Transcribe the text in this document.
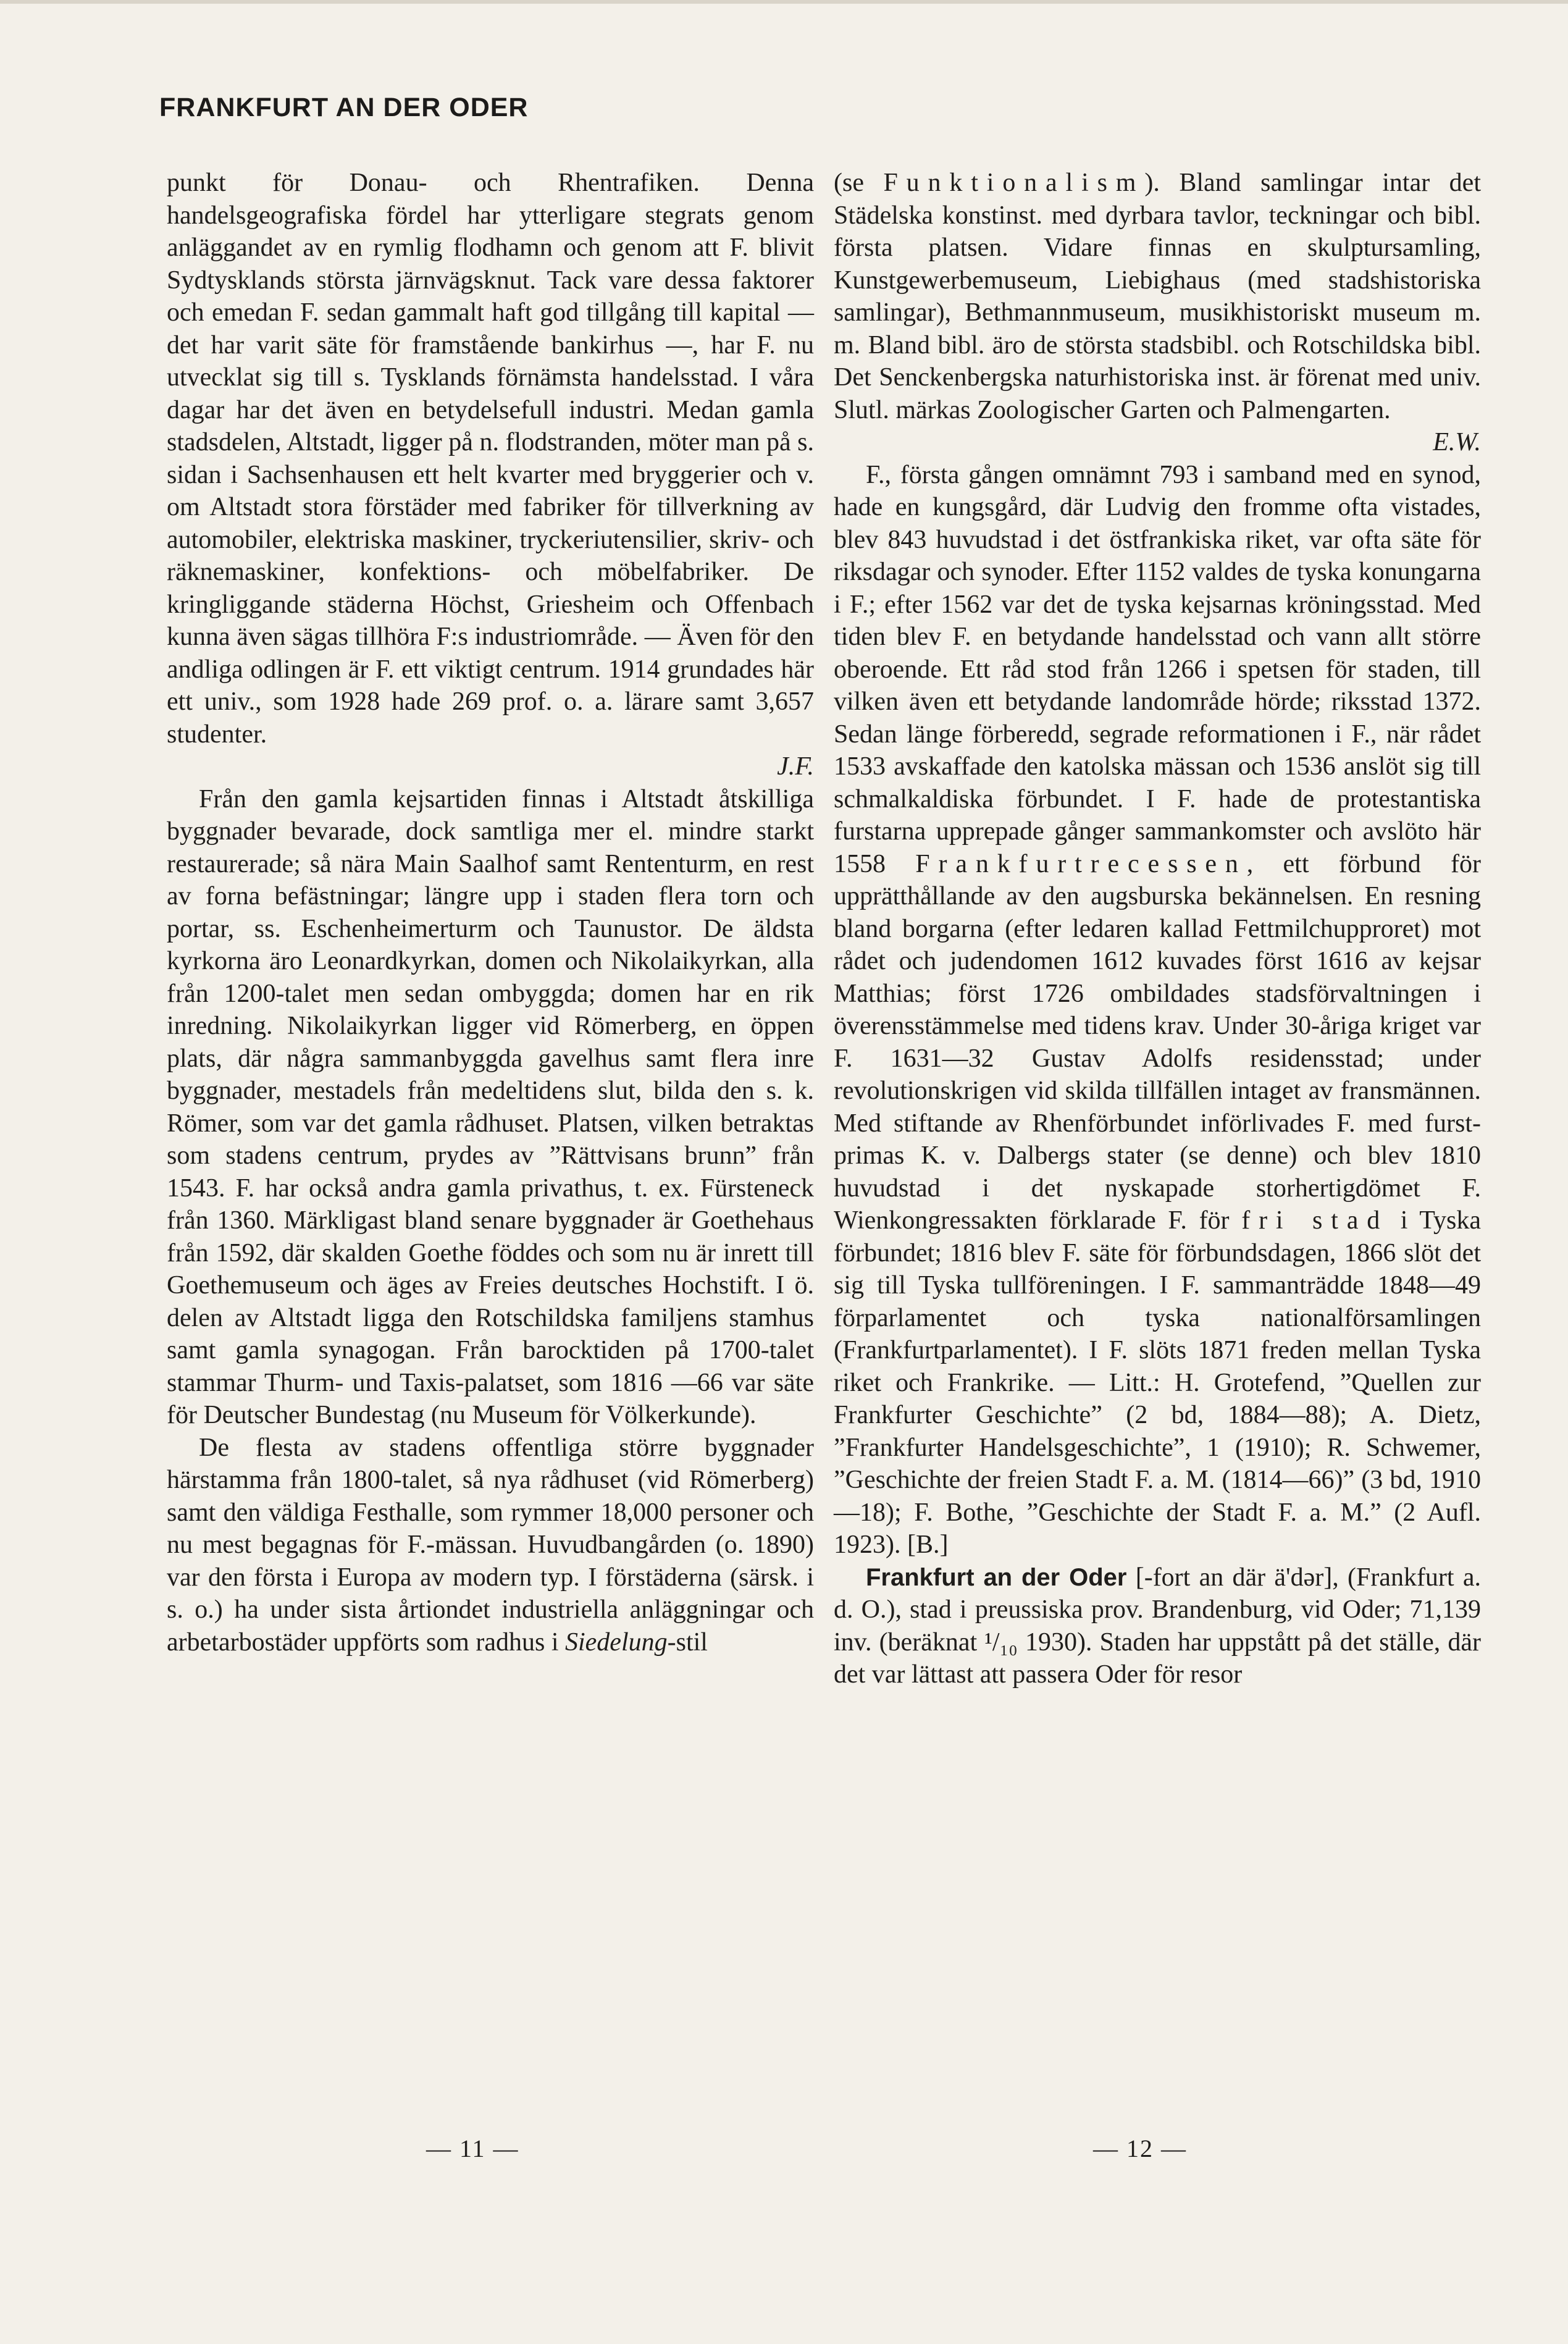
FRANKFURT AN DER ODER

punkt för Donau- och Rhentrafiken. Denna handelsgeografiska fördel har ytterligare stegrats genom anläggandet av en rymlig flodhamn och genom att F. blivit Sydtysklands största järnvägsknut. Tack vare dessa faktorer och emedan F. sedan gammalt haft god tillgång till kapital — det har varit säte för framstående bankirhus —, har F. nu utvecklat sig till s. Tysklands förnämsta handelsstad. I våra dagar har det även en betydelsefull industri. Medan gamla stadsdelen, Altstadt, ligger på n. flodstranden, möter man på s. sidan i Sachsenhausen ett helt kvarter med bryggerier och v. om Altstadt stora förstäder med fabriker för tillverkning av automobiler, elektriska maskiner, tryckeriutensilier, skriv- och räknemaskiner, konfektions- och möbelfabriker. De kringliggande städerna Höchst, Griesheim och Offenbach kunna även sägas tillhöra F:s industriområde. — Även för den andliga odlingen är F. ett viktigt centrum. 1914 grundades här ett univ., som 1928 hade 269 prof. o. a. lärare samt 3,657 studenter.
J.F.

Från den gamla kejsartiden finnas i Altstadt åtskilliga byggnader bevarade, dock samtliga mer el. mindre starkt restaurerade; så nära Main Saalhof samt Rententurm, en rest av forna befästningar; längre upp i staden flera torn och portar, ss. Eschenheimerturm och Taunustor. De äldsta kyrkorna äro Leonardkyrkan, domen och Nikolaikyrkan, alla från 1200-talet men sedan ombyggda; domen har en rik inredning. Nikolaikyrkan ligger vid Römerberg, en öppen plats, där några sammanbyggda gavelhus samt flera inre byggnader, mestadels från medeltidens slut, bilda den s. k. Römer, som var det gamla rådhuset. Platsen, vilken betraktas som stadens centrum, prydes av ”Rättvisans brunn” från 1543. F. har också andra gamla privathus, t. ex. Fürsteneck från 1360. Märkligast bland senare byggnader är Goethehaus från 1592, där skalden Goethe föddes och som nu är inrett till Goethemuseum och äges av Freies deutsches Hochstift. I ö. delen av Altstadt ligga den Rotschildska familjens stamhus samt gamla synagogan. Från barocktiden på 1700-talet stammar Thurm- und Taxis-palatset, som 1816 —66 var säte för Deutscher Bundestag (nu Museum för Völkerkunde).

De flesta av stadens offentliga större byggnader härstamma från 1800-talet, så nya rådhuset (vid Römerberg) samt den väldiga Festhalle, som rymmer 18,000 personer och nu mest begagnas för F.-mässan. Huvudbangården (o. 1890) var den första i Europa av modern typ. I förstäderna (särsk. i s. o.) ha under sista årtiondet industriella anläggningar och arbetarbostäder uppförts som radhus i Siedelung-stil

(se Funktionalism). Bland samlingar intar det Städelska konstinst. med dyrbara tavlor, teckningar och bibl. första platsen. Vidare finnas en skulptursamling, Kunstgewerbemuseum, Liebighaus (med stadshistoriska samlingar), Bethmannmuseum, musikhistoriskt museum m. m. Bland bibl. äro de största stadsbibl. och Rotschildska bibl. Det Senckenbergska naturhistoriska inst. är förenat med univ. Slutl. märkas Zoologischer Garten och Palmengarten.
E.W.

F., första gången omnämnt 793 i samband med en synod, hade en kungsgård, där Ludvig den fromme ofta vistades, blev 843 huvudstad i det östfrankiska riket, var ofta säte för riksdagar och synoder. Efter 1152 valdes de tyska konungarna i F.; efter 1562 var det de tyska kejsarnas kröningsstad. Med tiden blev F. en betydande handelsstad och vann allt större oberoende. Ett råd stod från 1266 i spetsen för staden, till vilken även ett betydande landområde hörde; riksstad 1372. Sedan länge förberedd, segrade reformationen i F., när rådet 1533 avskaffade den katolska mässan och 1536 anslöt sig till schmalkaldiska förbundet. I F. hade de protestantiska furstarna upprepade gånger sammankomster och avslöto här 1558 Frankfurtrecessen, ett förbund för upprätthållande av den augsburska bekännelsen. En resning bland borgarna (efter ledaren kallad Fettmilchupproret) mot rådet och judendomen 1612 kuvades först 1616 av kejsar Matthias; först 1726 ombildades stadsförvaltningen i överensstämmelse med tidens krav. Under 30-åriga kriget var F. 1631—32 Gustav Adolfs residensstad; under revolutionskrigen vid skilda tillfällen intaget av fransmännen. Med stiftande av Rhenförbundet införlivades F. med furst-primas K. v. Dalbergs stater (se denne) och blev 1810 huvudstad i det nyskapade storhertigdömet F. Wienkongressakten förklarade F. för fri stad i Tyska förbundet; 1816 blev F. säte för förbundsdagen, 1866 slöt det sig till Tyska tullföreningen. I F. sammanträdde 1848—49 förparlamentet och tyska nationalförsamlingen (Frankfurtparlamentet). I F. slöts 1871 freden mellan Tyska riket och Frankrike. — Litt.: H. Grotefend, ”Quellen zur Frankfurter Geschichte” (2 bd, 1884—88); A. Dietz, ”Frankfurter Handelsgeschichte”, 1 (1910); R. Schwemer, ”Geschichte der freien Stadt F. a. M. (1814—66)” (3 bd, 1910—18); F. Bothe, ”Geschichte der Stadt F. a. M.” (2 Aufl. 1923). [B.]

Frankfurt an der Oder [-fort an där ä'dər], (Frankfurt a. d. O.), stad i preussiska prov. Brandenburg, vid Oder; 71,139 inv. (beräknat ¹/₁₀ 1930). Staden har uppstått på det ställe, där det var lättast att passera Oder för resor

— 11 —	— 12 —
